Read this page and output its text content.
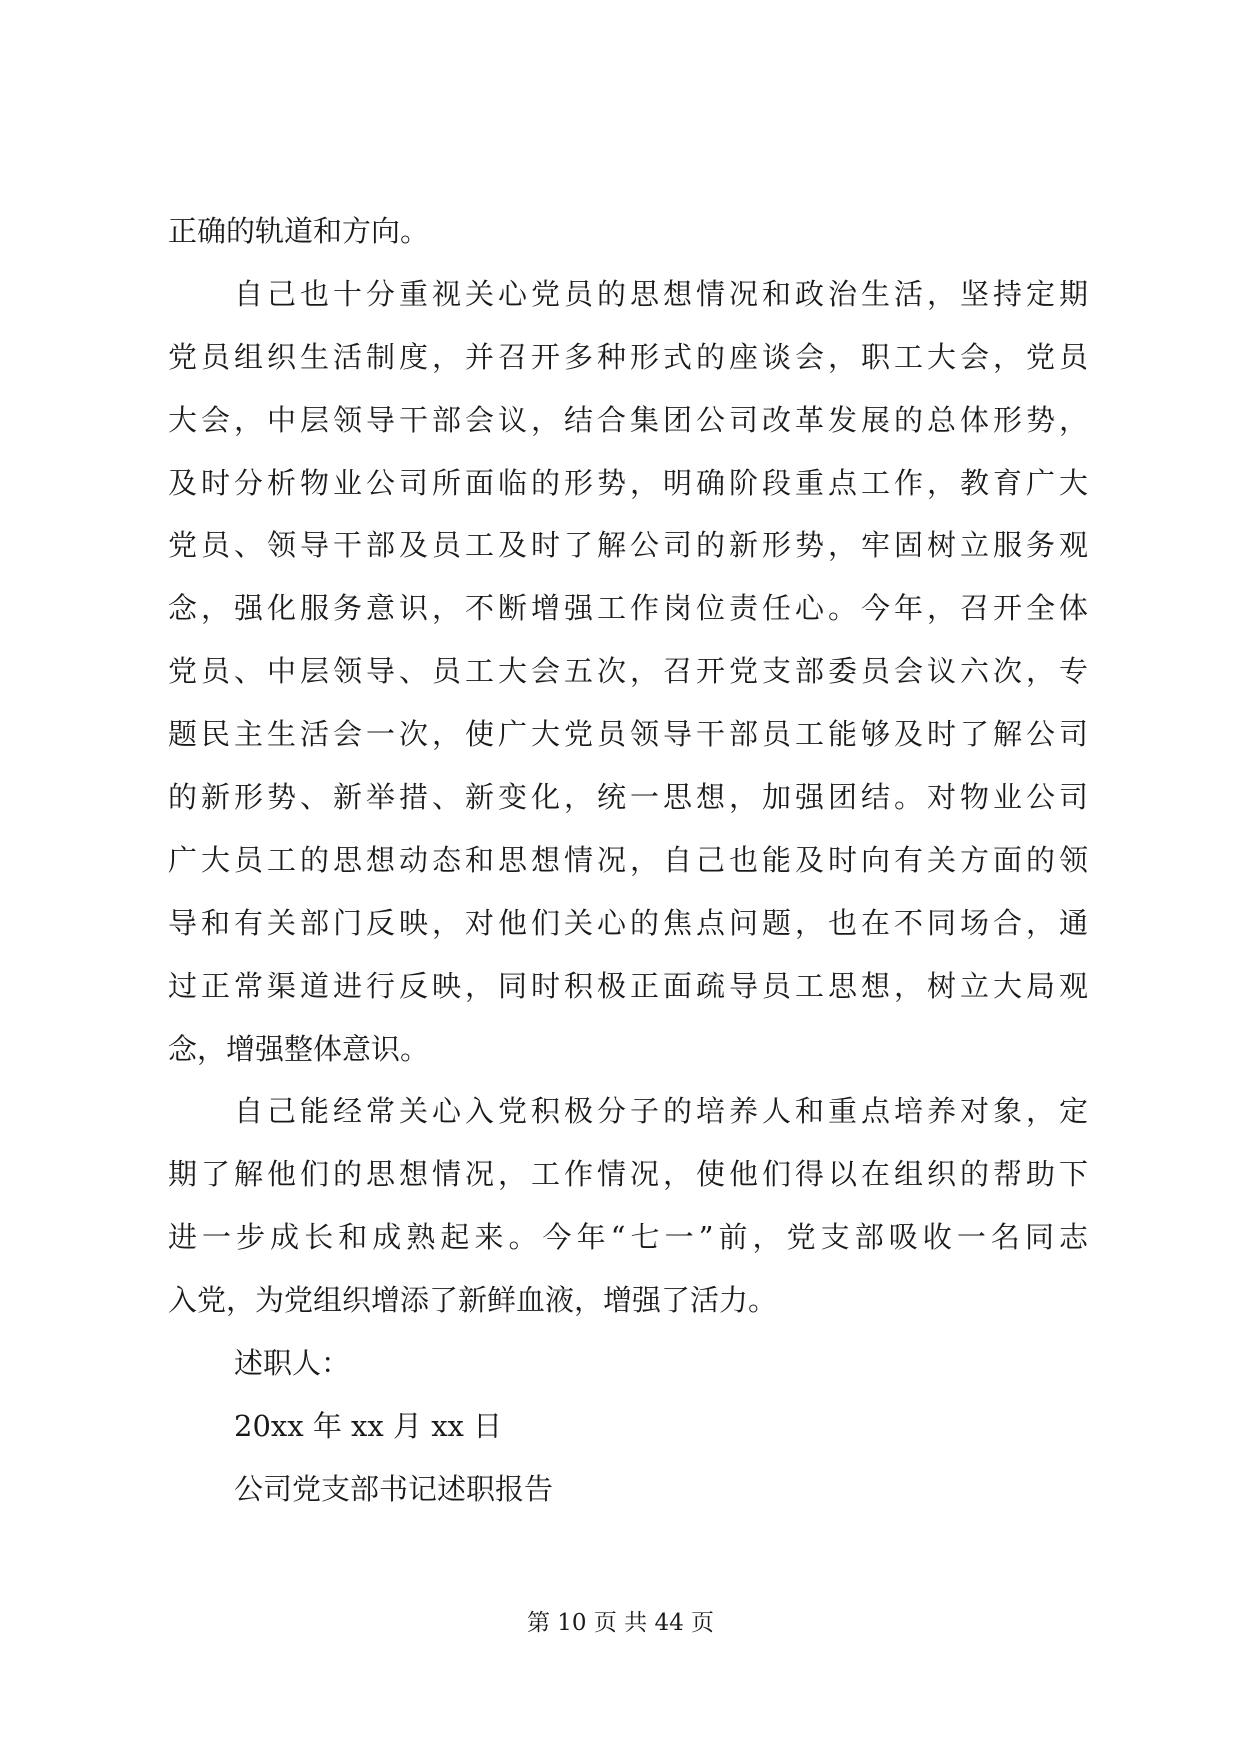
正确的轨道和方向。
自己也十分重视关心党员的思想情况和政治生活，坚持定期
党员组织生活制度，并召开多种形式的座谈会，职工大会，党员
大会，中层领导干部会议，结合集团公司改革发展的总体形势，
及时分析物业公司所面临的形势，明确阶段重点工作，教育广大
党员、领导干部及员工及时了解公司的新形势，牢固树立服务观
念，强化服务意识，不断增强工作岗位责任心。今年，召开全体
党员、中层领导、员工大会五次，召开党支部委员会议六次，专
题民主生活会一次，使广大党员领导干部员工能够及时了解公司
的新形势、新举措、新变化，统一思想，加强团结。对物业公司
广大员工的思想动态和思想情况，自己也能及时向有关方面的领
导和有关部门反映，对他们关心的焦点问题，也在不同场合，通
过正常渠道进行反映，同时积极正面疏导员工思想，树立大局观
念，增强整体意识。
自己能经常关心入党积极分子的培养人和重点培养对象，定
期了解他们的思想情况，工作情况，使他们得以在组织的帮助下
进一步成长和成熟起来。今年“七一”前，党支部吸收一名同志
入党，为党组织增添了新鲜血液，增强了活力。
述职人：
20xx 年 xx 月 xx 日
公司党支部书记述职报告
第 10 页 共 44 页
